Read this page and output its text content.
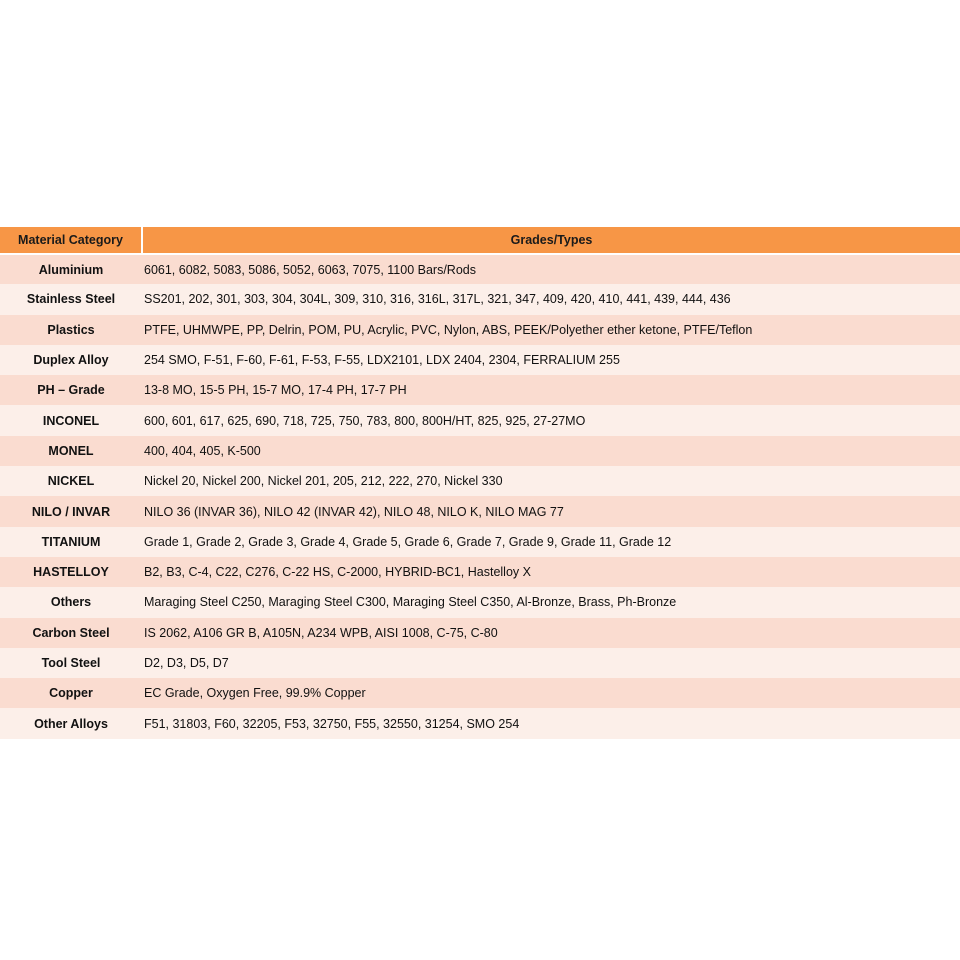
Material Category	Grades/Types
Aluminium	6061, 6082, 5083, 5086, 5052, 6063, 7075, 1100 Bars/Rods
Stainless Steel	SS201, 202, 301, 303, 304, 304L, 309, 310, 316, 316L, 317L, 321, 347, 409, 420, 410, 441, 439, 444, 436
Plastics	PTFE, UHMWPE, PP, Delrin, POM, PU, Acrylic, PVC, Nylon, ABS, PEEK/Polyether ether ketone, PTFE/Teflon
Duplex Alloy	254 SMO, F-51, F-60, F-61, F-53, F-55, LDX2101, LDX 2404, 2304, FERRALIUM 255
PH – Grade	13-8 MO, 15-5 PH, 15-7 MO, 17-4 PH, 17-7 PH
INCONEL	600, 601, 617, 625, 690, 718, 725, 750, 783, 800, 800H/HT, 825, 925, 27-27MO
MONEL	400, 404, 405, K-500
NICKEL	Nickel 20, Nickel 200, Nickel 201, 205, 212, 222, 270, Nickel 330
NILO / INVAR	NILO 36 (INVAR 36), NILO 42 (INVAR 42), NILO 48, NILO K, NILO MAG 77
TITANIUM	Grade 1, Grade 2, Grade 3, Grade 4, Grade 5, Grade 6, Grade 7, Grade 9, Grade 11, Grade 12
HASTELLOY	B2, B3, C-4, C22, C276, C-22 HS, C-2000, HYBRID-BC1, Hastelloy X
Others	Maraging Steel C250, Maraging Steel C300, Maraging Steel C350, Al-Bronze, Brass, Ph-Bronze
Carbon Steel	IS 2062, A106 GR B, A105N, A234 WPB, AISI 1008, C-75, C-80
Tool Steel	D2, D3, D5, D7
Copper	EC Grade, Oxygen Free, 99.9% Copper
Other Alloys	F51, 31803, F60, 32205, F53, 32750, F55, 32550, 31254, SMO 254
